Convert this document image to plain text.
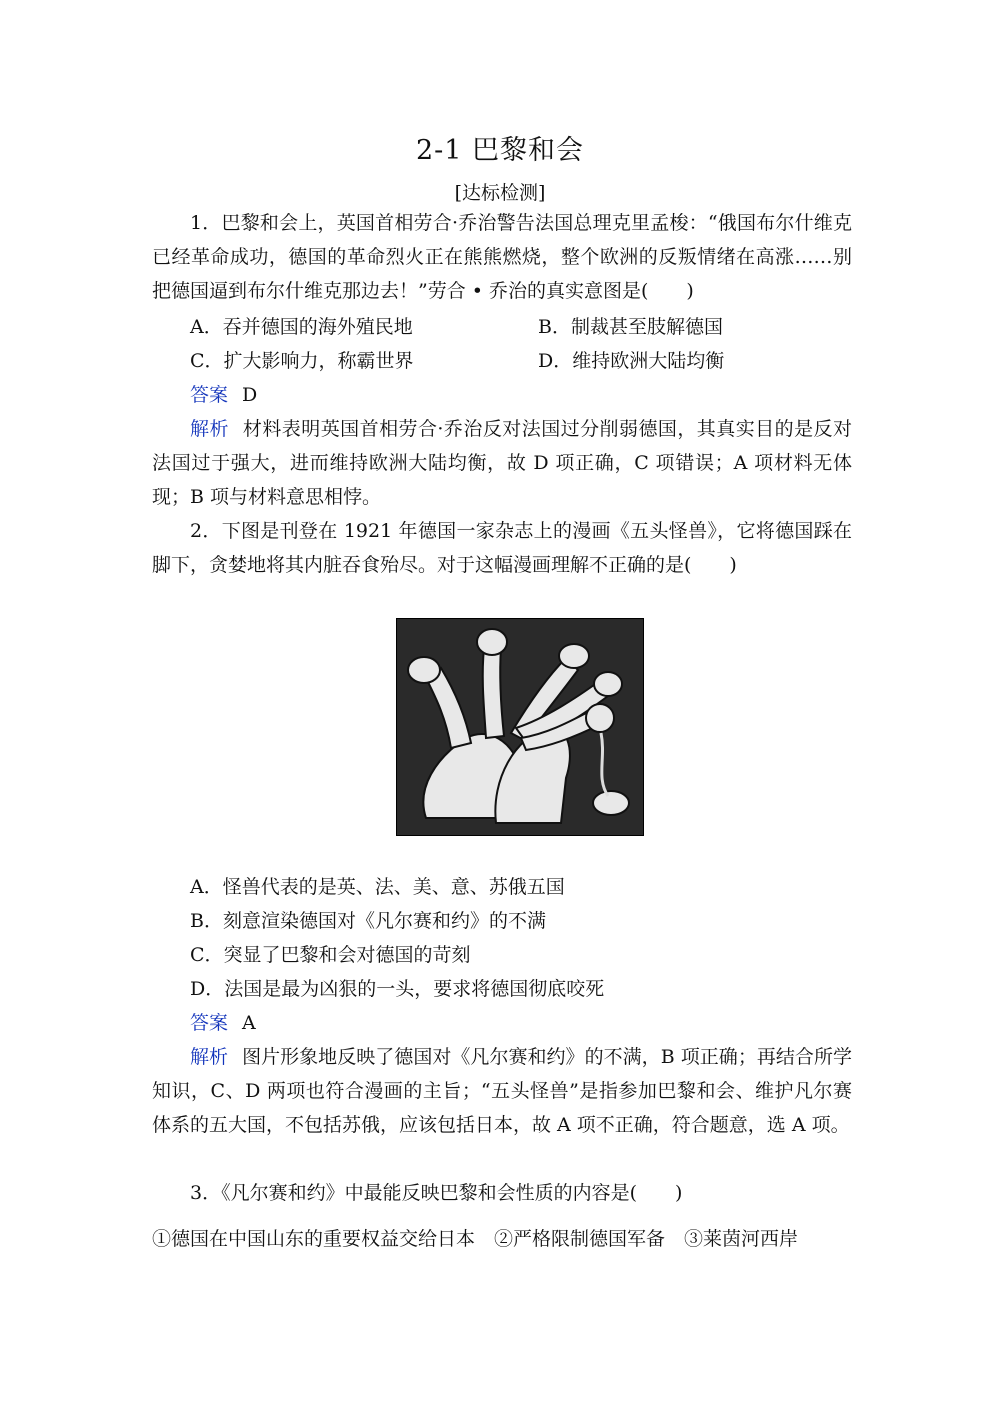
2-1 巴黎和会
[达标检测]
1．巴黎和会上，英国首相劳合·乔治警告法国总理克里孟梭：“俄国布尔什维克已经革命成功，德国的革命烈火正在熊熊燃烧，整个欧洲的反叛情绪在高涨……别把德国逼到布尔什维克那边去！”劳合 • 乔治的真实意图是(　　)
A．吞并德国的海外殖民地	B．制裁甚至肢解德国
C．扩大影响力，称霸世界	D．维持欧洲大陆均衡
答案 D
解析 材料表明英国首相劳合·乔治反对法国过分削弱德国，其真实目的是反对法国过于强大，进而维持欧洲大陆均衡，故 D 项正确，C 项错误；A 项材料无体现；B 项与材料意思相悖。
2．下图是刊登在 1921 年德国一家杂志上的漫画《五头怪兽》，它将德国踩在脚下，贪婪地将其内脏吞食殆尽。对于这幅漫画理解不正确的是(　　)
A．怪兽代表的是英、法、美、意、苏俄五国
B．刻意渲染德国对《凡尔赛和约》的不满
C．突显了巴黎和会对德国的苛刻
D．法国是最为凶狠的一头，要求将德国彻底咬死
答案 A
解析 图片形象地反映了德国对《凡尔赛和约》的不满，B 项正确；再结合所学知识，C、D 两项也符合漫画的主旨；“五头怪兽”是指参加巴黎和会、维护凡尔赛体系的五大国，不包括苏俄，应该包括日本，故 A 项不正确，符合题意，选 A 项。
3．《凡尔赛和约》中最能反映巴黎和会性质的内容是(　　)
①德国在中国山东的重要权益交给日本　②严格限制德国军备　③莱茵河西岸
